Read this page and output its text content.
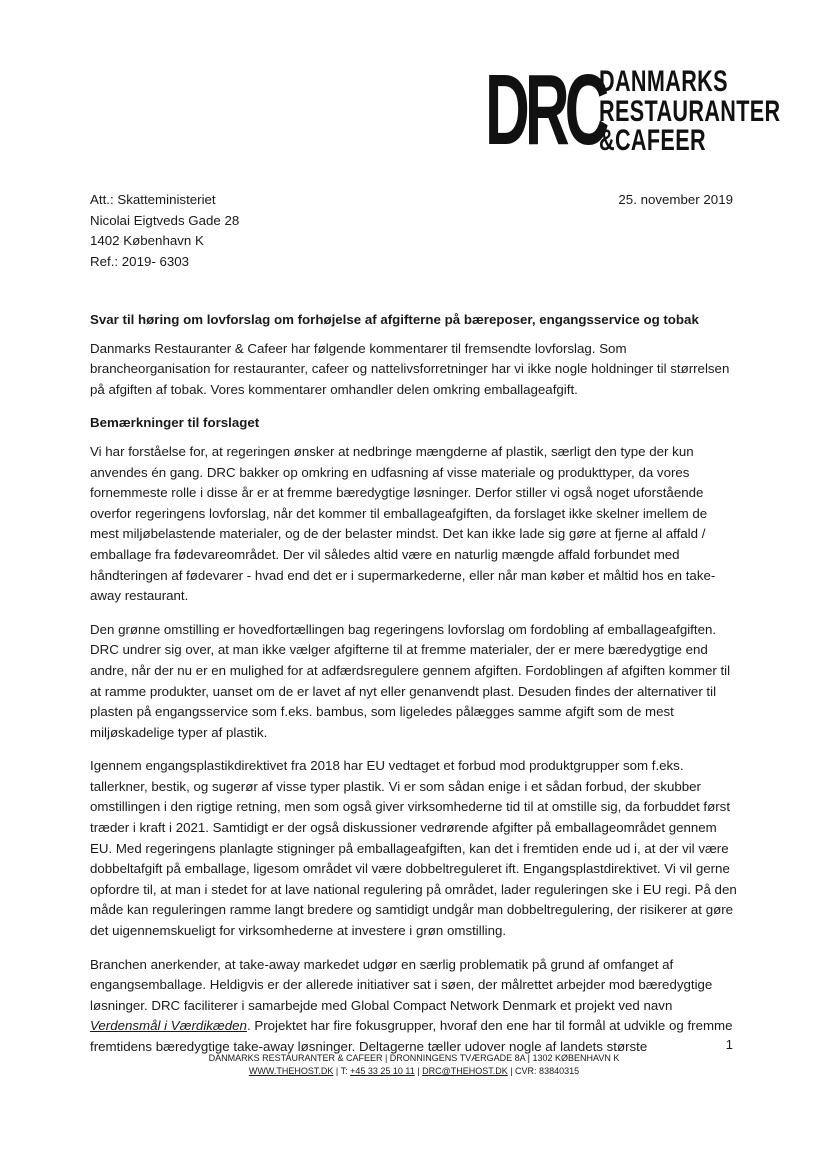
DRC
DANMARKS
RESTAURANTER
&CAFEER
Att.: Skatteministeriet
Nicolai Eigtveds Gade 28
1402 København K
Ref.: 2019- 6303
25. november 2019
Svar til høring om lovforslag om forhøjelse af afgifterne på bæreposer, engangsservice og tobak
Danmarks Restauranter & Cafeer har følgende kommentarer til fremsendte lovforslag. Som brancheorganisation for restauranter, cafeer og nattelivsforretninger har vi ikke nogle holdninger til størrelsen på afgiften af tobak. Vores kommentarer omhandler delen omkring emballageafgift.
Bemærkninger til forslaget
Vi har forståelse for, at regeringen ønsker at nedbringe mængderne af plastik, særligt den type der kun anvendes én gang. DRC bakker op omkring en udfasning af visse materiale og produkttyper, da vores fornemmeste rolle i disse år er at fremme bæredygtige løsninger. Derfor stiller vi også noget uforstående overfor regeringens lovforslag, når det kommer til emballageafgiften, da forslaget ikke skelner imellem de mest miljøbelastende materialer, og de der belaster mindst. Det kan ikke lade sig gøre at fjerne al affald / emballage fra fødevareområdet. Der vil således altid være en naturlig mængde affald forbundet med håndteringen af fødevarer - hvad end det er i supermarkederne, eller når man køber et måltid hos en take-away restaurant.
Den grønne omstilling er hovedfortællingen bag regeringens lovforslag om fordobling af emballageafgiften. DRC undrer sig over, at man ikke vælger afgifterne til at fremme materialer, der er mere bæredygtige end andre, når der nu er en mulighed for at adfærdsregulere gennem afgiften. Fordoblingen af afgiften kommer til at ramme produkter, uanset om de er lavet af nyt eller genanvendt plast. Desuden findes der alternativer til plasten på engangsservice som f.eks. bambus, som ligeledes pålægges samme afgift som de mest miljøskadelige typer af plastik.
Igennem engangsplastikdirektivet fra 2018 har EU vedtaget et forbud mod produktgrupper som f.eks. tallerkner, bestik, og sugerør af visse typer plastik. Vi er som sådan enige i et sådan forbud, der skubber omstillingen i den rigtige retning, men som også giver virksomhederne tid til at omstille sig, da forbuddet først træder i kraft i 2021. Samtidigt er der også diskussioner vedrørende afgifter på emballageområdet gennem EU. Med regeringens planlagte stigninger på emballageafgiften, kan det i fremtiden ende ud i, at der vil være dobbeltafgift på emballage, ligesom området vil være dobbeltreguleret ift. Engangsplastdirektivet. Vi vil gerne opfordre til, at man i stedet for at lave national regulering på området, lader reguleringen ske i EU regi. På den måde kan reguleringen ramme langt bredere og samtidigt undgår man dobbeltregulering, der risikerer at gøre det uigennemskueligt for virksomhederne at investere i grøn omstilling.
Branchen anerkender, at take-away markedet udgør en særlig problematik på grund af omfanget af engangsemballage. Heldigvis er der allerede initiativer sat i søen, der målrettet arbejder mod bæredygtige løsninger. DRC faciliterer i samarbejde med Global Compact Network Denmark et projekt ved navn Verdensmål i Værdikæden. Projektet har fire fokusgrupper, hvoraf den ene har til formål at udvikle og fremme fremtidens bæredygtige take-away løsninger. Deltagerne tæller udover nogle af landets største	1
DANMARKS RESTAURANTER & CAFEER | DRONNINGENS TVÆRGADE 8A | 1302 KØBENHAVN K
WWW.THEHOST.DK | T: +45 33 25 10 11 | DRC@THEHOST.DK | CVR: 83840315
